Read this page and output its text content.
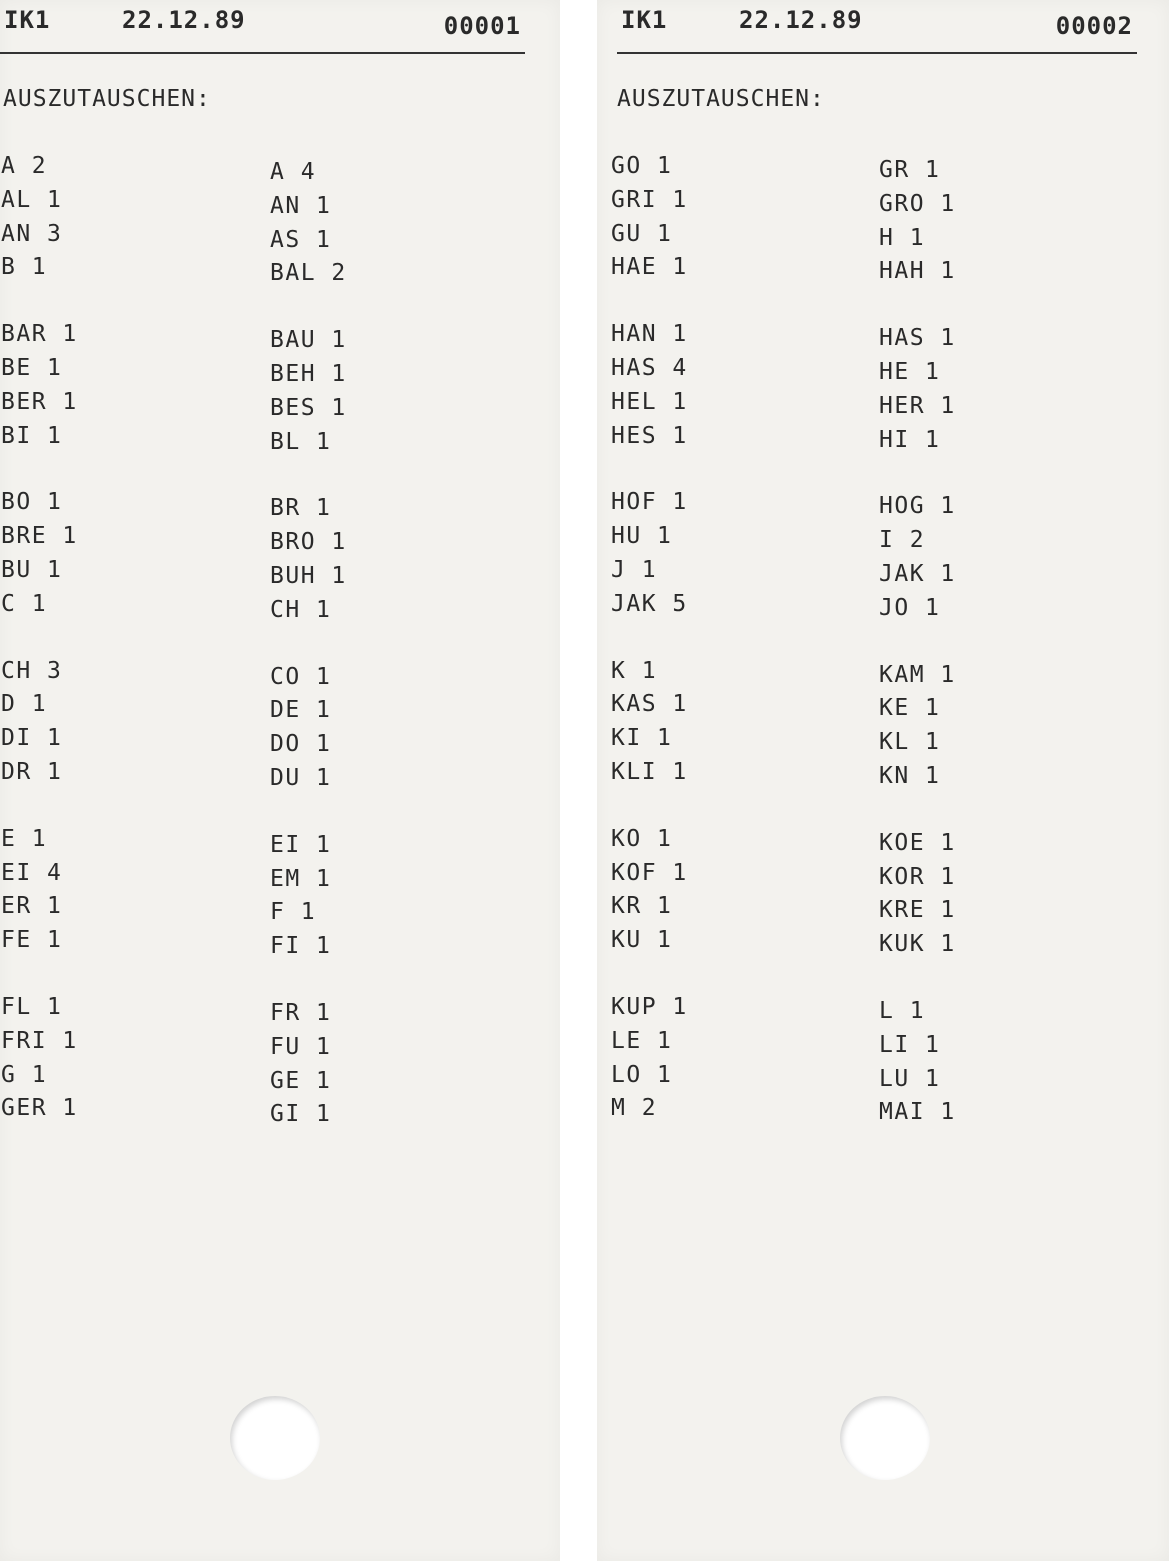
IK1	22.12.89	00001
AUSZUTAUSCHEN:
A 2
AL 1
AN 3
B 1
BAR 1
BE 1
BER 1
BI 1
BO 1
BRE 1
BU 1
C 1
CH 3
D 1
DI 1
DR 1
E 1
EI 4
ER 1
FE 1
FL 1
FRI 1
G 1
GER 1
A 4
AN 1
AS 1
BAL 2
BAU 1
BEH 1
BES 1
BL 1
BR 1
BRO 1
BUH 1
CH 1
CO 1
DE 1
DO 1
DU 1
EI 1
EM 1
F 1
FI 1
FR 1
FU 1
GE 1
GI 1
IK1	22.12.89	00002
AUSZUTAUSCHEN:
GO 1
GRI 1
GU 1
HAE 1
HAN 1
HAS 4
HEL 1
HES 1
HOF 1
HU 1
J 1
JAK 5
K 1
KAS 1
KI 1
KLI 1
KO 1
KOF 1
KR 1
KU 1
KUP 1
LE 1
LO 1
M 2
GR 1
GRO 1
H 1
HAH 1
HAS 1
HE 1
HER 1
HI 1
HOG 1
I 2
JAK 1
JO 1
KAM 1
KE 1
KL 1
KN 1
KOE 1
KOR 1
KRE 1
KUK 1
L 1
LI 1
LU 1
MAI 1
